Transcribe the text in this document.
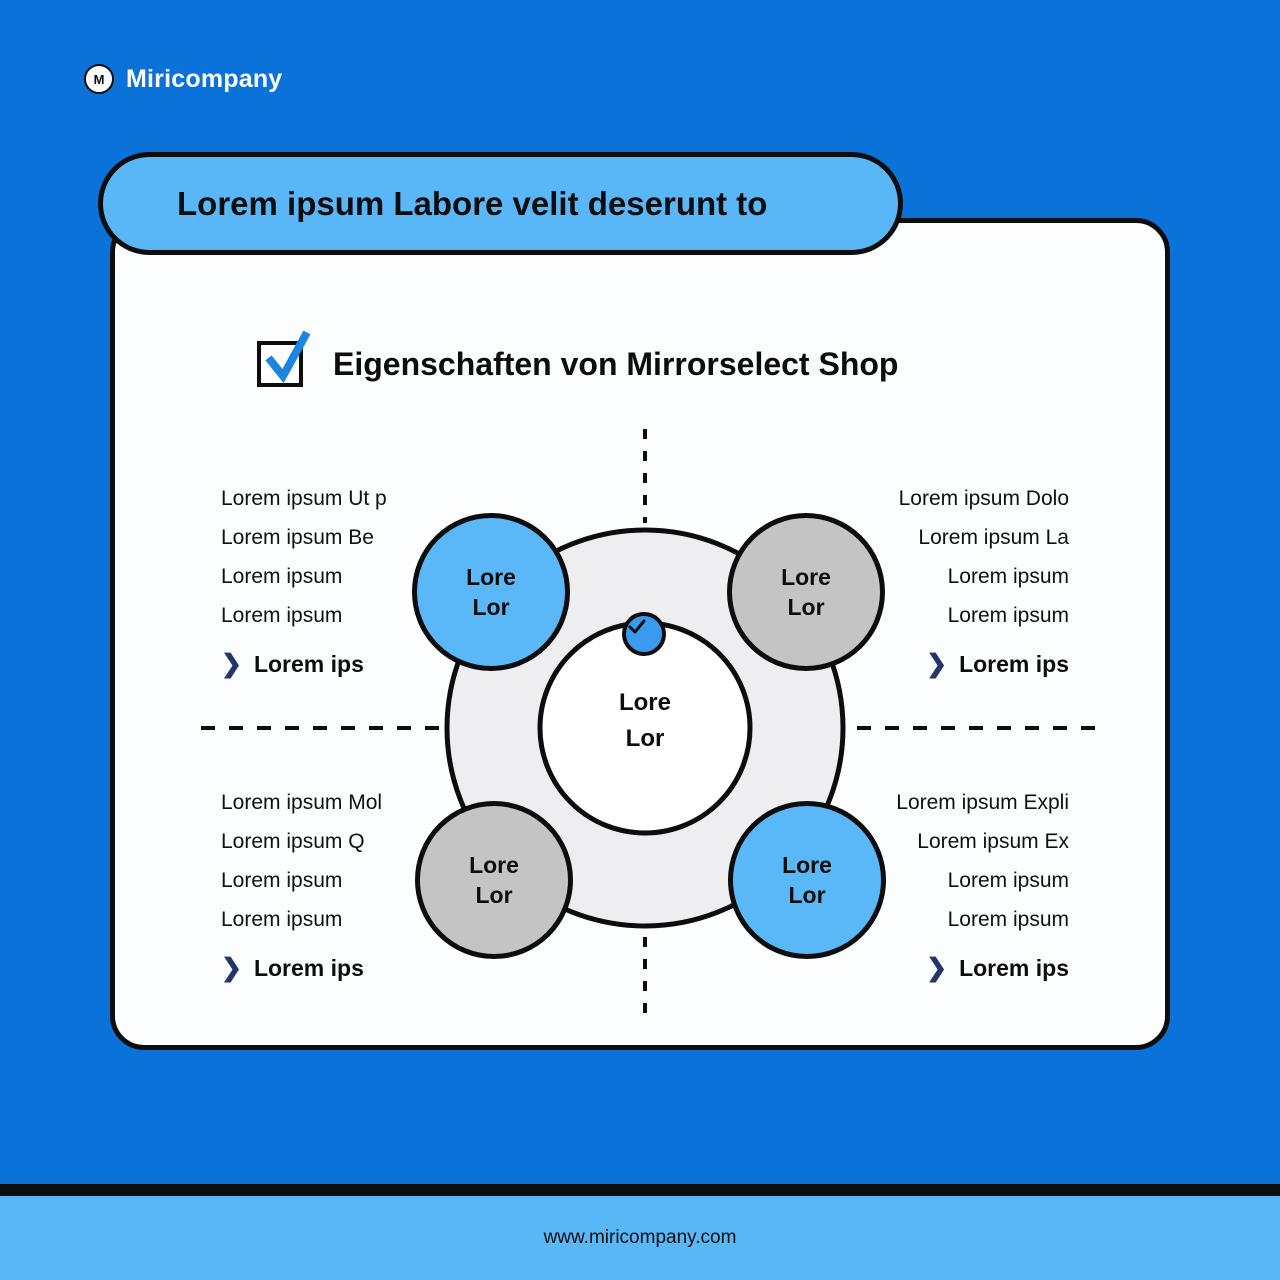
M Miricompany
Eigenschaften von Mirrorselect Shop
Lore
Lor
Lore
Lor
Lore
Lor
Lore
Lor
Lore
Lor
Lorem ipsum Ut p
Lorem ipsum Be
Lorem ipsum
Lorem ipsum
❯ Lorem ips
Lorem ipsum Dolo
Lorem ipsum La
Lorem ipsum
Lorem ipsum
❯ Lorem ips
Lorem ipsum Mol
Lorem ipsum Q
Lorem ipsum
Lorem ipsum
❯ Lorem ips
Lorem ipsum Expli
Lorem ipsum Ex
Lorem ipsum
Lorem ipsum
❯ Lorem ips
Lorem ipsum Labore velit deserunt to
www.miricompany.com
